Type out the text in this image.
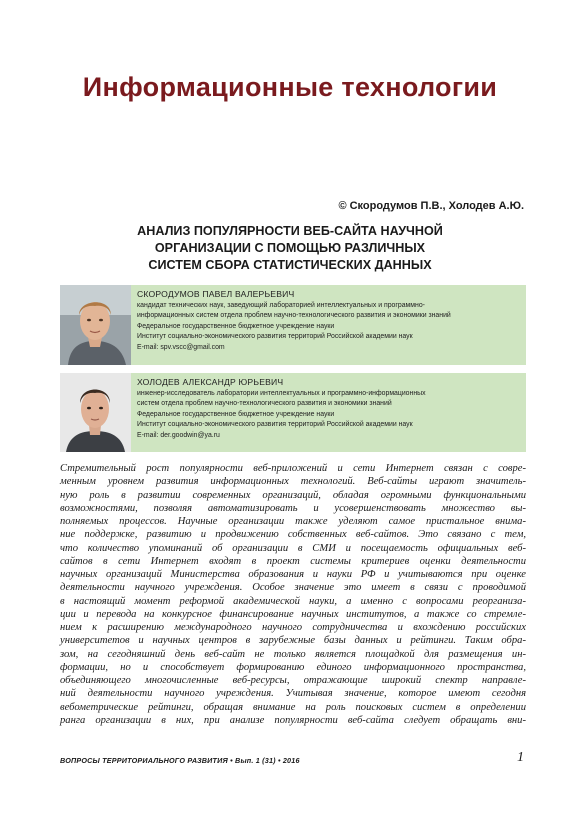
Информационные технологии
© Скородумов П.В., Холодев А.Ю.
АНАЛИЗ ПОПУЛЯРНОСТИ ВЕБ-САЙТА НАУЧНОЙ
ОРГАНИЗАЦИИ С ПОМОЩЬЮ РАЗЛИЧНЫХ
СИСТЕМ СБОРА СТАТИСТИЧЕСКИХ ДАННЫХ
СКОРОДУМОВ ПАВЕЛ ВАЛЕРЬЕВИЧ
кандидат технических наук, заведующий лабораторией интеллектуальных и программно-
информационных систем отдела проблем научно-технологического развития и экономики знаний
Федеральное государственное бюджетное учреждение науки
Институт социально-экономического развития территорий Российской академии наук
E-mail: spv.vscc@gmail.com
ХОЛОДЕВ АЛЕКСАНДР ЮРЬЕВИЧ
инженер-исследователь лаборатории интеллектуальных и программно-информационных
систем отдела проблем научно-технологического развития и экономики знаний
Федеральное государственное бюджетное учреждение науки
Институт социально-экономического развития территорий Российской академии наук
E-mail: der.goodwin@ya.ru
Стремительный рост популярности веб-приложений и сети Интернет связан с совре-
менным уровнем развития информационных технологий. Веб-сайты играют значитель-
ную роль в развитии современных организаций, обладая огромными функциональными
возможностями, позволяя автоматизировать и усовершенствовать множество вы-
полняемых процессов. Научные организации также уделяют самое пристальное внима-
ние поддержке, развитию и продвижению собственных веб-сайтов. Это связано с тем,
что количество упоминаний об организации в СМИ и посещаемость официальных веб-
сайтов в сети Интернет входят в проект системы критериев оценки деятельности
научных организаций Министерства образования и науки РФ и учитываются при оценке
деятельности научного учреждения. Особое значение это имеет в связи с проводимой
в настоящий момент реформой академической науки, а именно с вопросами реорганиза-
ции и перевода на конкурсное финансирование научных институтов, а также со стремле-
нием к расширению международного научного сотрудничества и вхождению российских
университетов и научных центров в зарубежные базы данных и рейтинги. Таким обра-
зом, на сегодняшний день веб-сайт не только является площадкой для размещения ин-
формации, но и способствует формированию единого информационного пространства,
объединяющего многочисленные веб-ресурсы, отражающие широкий спектр направле-
ний деятельности научного учреждения. Учитывая значение, которое имеют сегодня
вебометрические рейтинги, обращая внимание на роль поисковых систем в определении
ранга организации в них, при анализе популярности веб-сайта следует обращать вни-
ВОПРОСЫ ТЕРРИТОРИАЛЬНОГО РАЗВИТИЯ • Вып. 1 (31) • 2016	1
